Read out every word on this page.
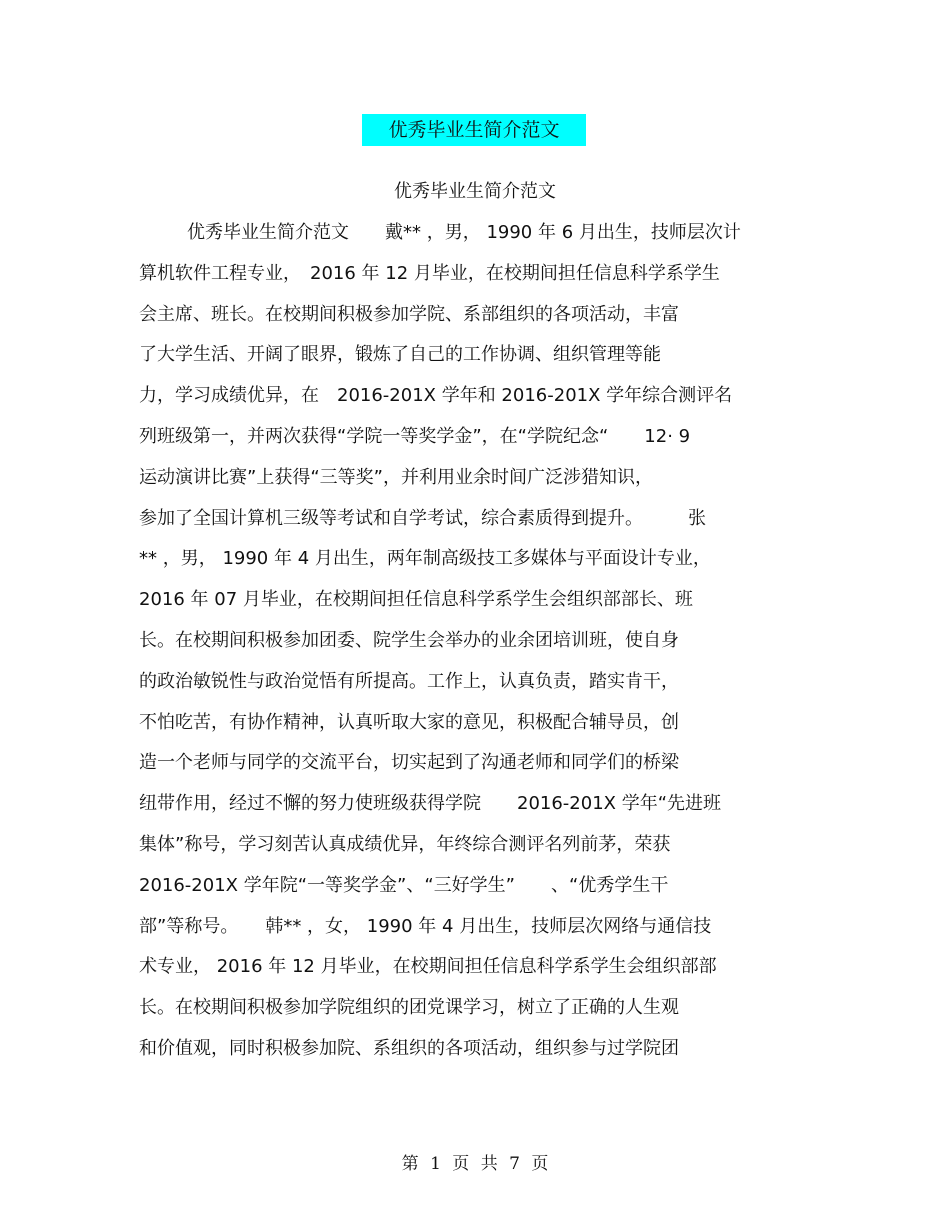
优秀毕业生简介范文
优秀毕业生简介范文
优秀毕业生简介范文　　戴** ，男， 1990 年 6 月出生，技师层次计
算机软件工程专业，　2016 年 12 月毕业，在校期间担任信息科学系学生
会主席、班长。在校期间积极参加学院、系部组织的各项活动，丰富
了大学生活、开阔了眼界，锻炼了自己的工作协调、组织管理等能
力，学习成绩优异，在　2016-201X 学年和 2016-201X 学年综合测评名
列班级第一，并两次获得“学院一等奖学金”，在“学院纪念“　　12· 9
运动演讲比赛”上获得“三等奖”，并利用业余时间广泛涉猎知识，
参加了全国计算机三级等考试和自学考试，综合素质得到提升。　　　张
** ，男， 1990 年 4 月出生，两年制高级技工多媒体与平面设计专业，
2016 年 07 月毕业，在校期间担任信息科学系学生会组织部部长、班
长。在校期间积极参加团委、院学生会举办的业余团培训班，使自身
的政治敏锐性与政治觉悟有所提高。工作上，认真负责，踏实肯干，
不怕吃苦，有协作精神，认真听取大家的意见，积极配合辅导员，创
造一个老师与同学的交流平台，切实起到了沟通老师和同学们的桥梁
纽带作用，经过不懈的努力使班级获得学院　　2016-201X 学年“先进班
集体”称号，学习刻苦认真成绩优异，年终综合测评名列前茅，荣获
2016-201X 学年院“一等奖学金”、“三好学生”　　、“优秀学生干
部”等称号。　　韩** ，女， 1990 年 4 月出生，技师层次网络与通信技
术专业， 2016 年 12 月毕业，在校期间担任信息科学系学生会组织部部
长。在校期间积极参加学院组织的团党课学习，树立了正确的人生观
和价值观，同时积极参加院、系组织的各项活动，组织参与过学院团
第 1 页 共 7 页
